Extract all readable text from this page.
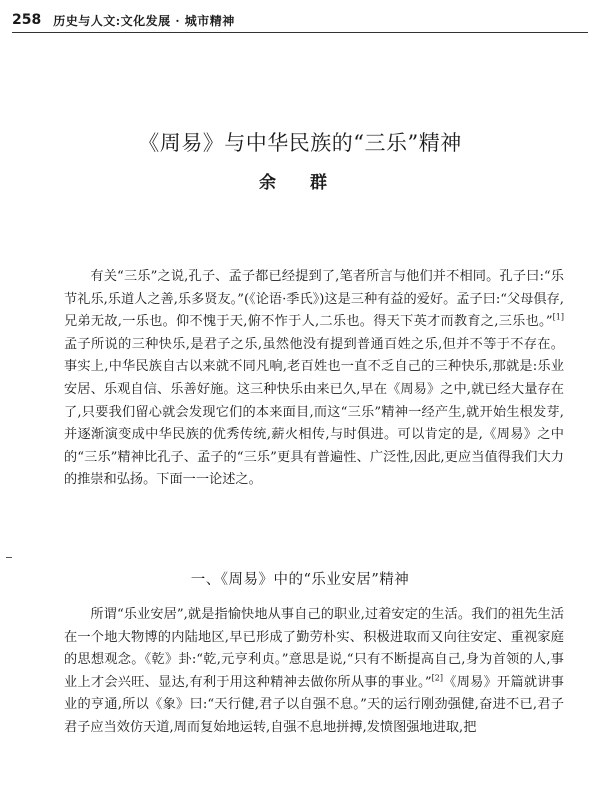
258 历史与人文:文化发展 · 城市精神
《周易》与中华民族的“三乐”精神
余 群

有关“三乐”之说,孔子、孟子都已经提到了,笔者所言与他们并不相同。孔子曰:“乐节礼乐,乐道人之善,乐多贤友。”(《论语·季氏》)这是三种有益的爱好。孟子曰:“父母俱存,兄弟无故,一乐也。仰不愧于天,俯不怍于人,二乐也。得天下英才而教育之,三乐也。”[1]孟子所说的三种快乐,是君子之乐,虽然他没有提到普通百姓之乐,但并不等于不存在。事实上,中华民族自古以来就不同凡响,老百姓也一直不乏自己的三种快乐,那就是:乐业安居、乐观自信、乐善好施。这三种快乐由来已久,早在《周易》之中,就已经大量存在了,只要我们留心就会发现它们的本来面目,而这“三乐”精神一经产生,就开始生根发芽,并逐渐演变成中华民族的优秀传统,薪火相传,与时俱进。可以肯定的是,《周易》之中的“三乐”精神比孔子、孟子的“三乐”更具有普遍性、广泛性,因此,更应当值得我们大力的推崇和弘扬。下面一一论述之。

一、《周易》中的“乐业安居”精神

所谓“乐业安居”,就是指愉快地从事自己的职业,过着安定的生活。我们的祖先生活在一个地大物博的内陆地区,早已形成了勤劳朴实、积极进取而又向往安定、重视家庭的思想观念。《乾》卦:“乾,元亨利贞。”意思是说,“只有不断提高自己,身为首领的人,事业上才会兴旺、显达,有利于用这种精神去做你所从事的事业。”[2]《周易》开篇就讲事业的亨通,所以《象》曰:“天行健,君子以自强不息。”天的运行刚劲强健,奋进不已,君子君子应当效仿天道,周而复始地运转,自强不息地拼搏,发愤图强地进取,把
